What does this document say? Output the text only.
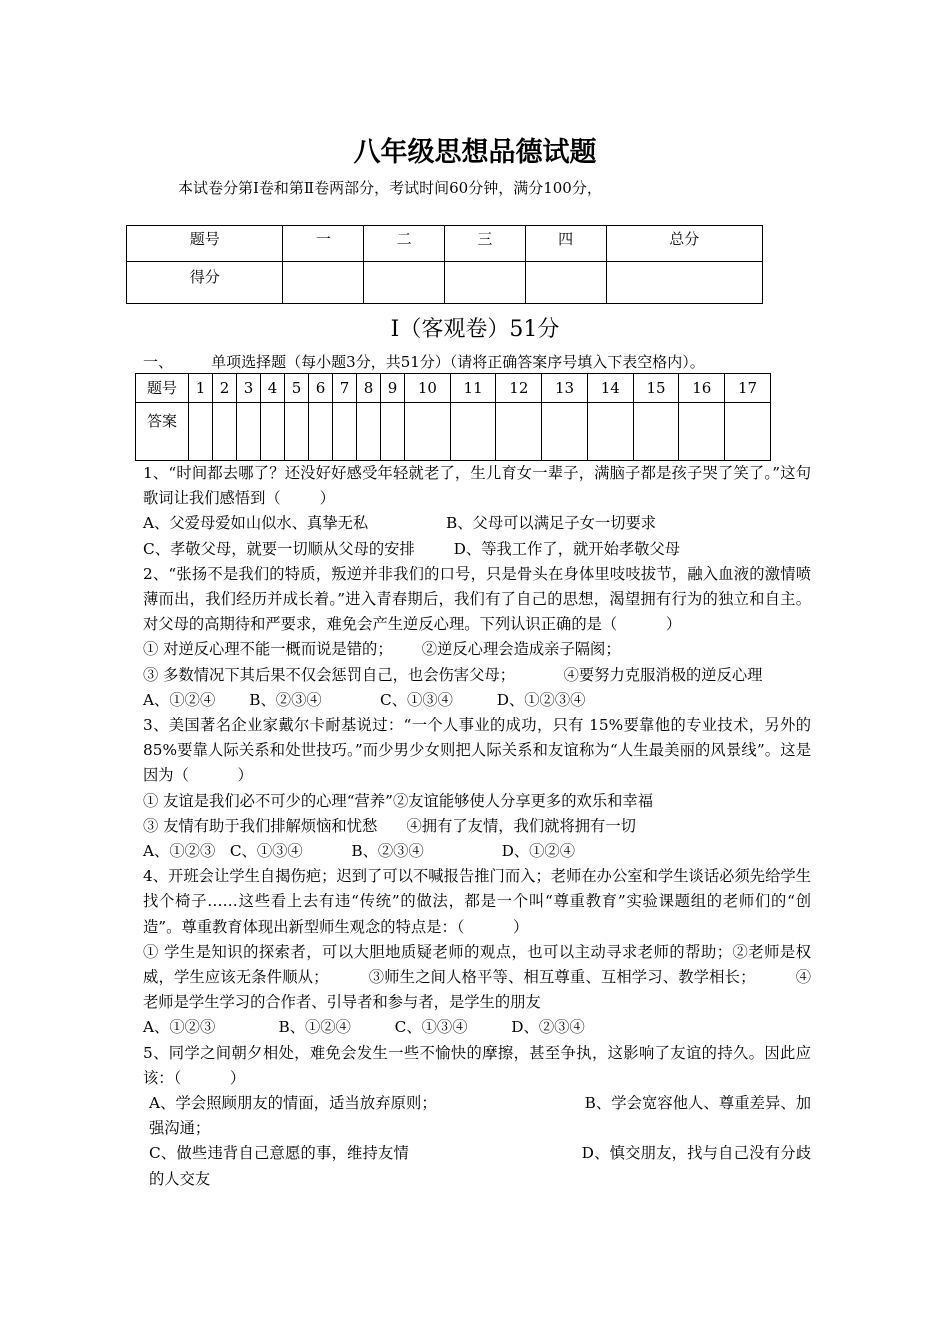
八年级思想品德试题
本试卷分第Ⅰ卷和第Ⅱ卷两部分，考试时间60分钟，满分100分，
题号	一	二	三	四	总分
得分					
Ⅰ（客观卷）51分
一、        单项选择题（每小题3分，共51分）（请将正确答案序号填入下表空格内）。
题号	1	2	3	4	5	6	7	8	9	10	11	12	13	14	15	16	17
答案																	

1、“时间都去哪了？还没好好感受年轻就老了，生儿育女一辈子，满脑子都是孩子哭了笑了。”这句歌词让我们感悟到（        ）

A、父爱母爱如山似水、真挚无私                B、父母可以满足子女一切要求

C、孝敬父母，就要一切顺从父母的安排        D、等我工作了，就开始孝敬父母

2、“张扬不是我们的特质，叛逆并非我们的口号，只是骨头在身体里吱吱拔节，融入血液的激情喷薄而出，我们经历并成长着。”进入青春期后，我们有了自己的思想，渴望拥有行为的独立和自主。对父母的高期待和严要求，难免会产生逆反心理。下列认识正确的是（          ）

① 对逆反心理不能一概而说是错的；      ②逆反心理会造成亲子隔阂；

③ 多数情况下其后果不仅会惩罚自己，也会伤害父母；          ④要努力克服消极的逆反心理

A、①②④       B、②③④            C、①③④         D、①②③④

3、美国著名企业家戴尔卡耐基说过：“一个人事业的成功，只有 15%要靠他的专业技术，另外的85%要靠人际关系和处世技巧。”而少男少女则把人际关系和友谊称为“人生最美丽的风景线”。这是因为（          ）

① 友谊是我们必不可少的心理“营养”②友谊能够使人分享更多的欢乐和幸福

③ 友情有助于我们排解烦恼和忧愁      ④拥有了友情，我们就将拥有一切

A、①②③   C、①③④          B、②③④                D、①②④

4、开班会让学生自揭伤疤；迟到了可以不喊报告推门而入；老师在办公室和学生谈话必须先给学生找个椅子……这些看上去有违“传统”的做法，都是一个叫“尊重教育”实验课题组的老师们的“创造”。尊重教育体现出新型师生观念的特点是：（          ）

① 学生是知识的探索者，可以大胆地质疑老师的观点，也可以主动寻求老师的帮助；②老师是权威，学生应该无条件顺从；        ③师生之间人格平等、相互尊重、互相学习、教学相长；        ④老师是学生学习的合作者、引导者和参与者，是学生的朋友

A、①②③             B、①②④         C、①③④         D、②③④

5、同学之间朝夕相处，难免会发生一些不愉快的摩擦，甚至争执，这影响了友谊的持久。因此应该：（          ）

A、学会照顾朋友的情面，适当放弃原则；                              B、学会宽容他人、尊重差异、加强沟通；

C、做些违背自己意愿的事，维持友情                                  D、慎交朋友，找与自己没有分歧的人交友
